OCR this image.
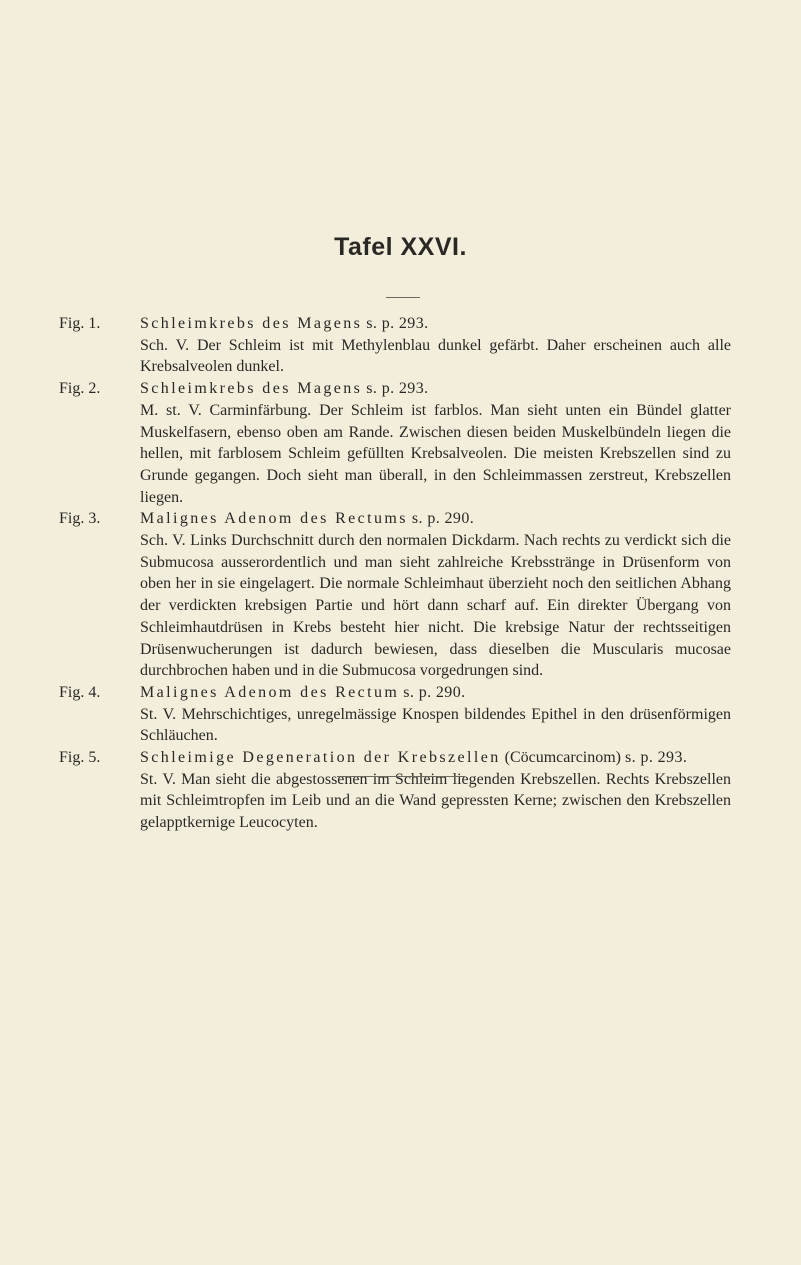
Tafel XXVI.
Fig. 1.	Schleimkrebs des Magens s. p. 293.
Sch. V. Der Schleim ist mit Methylenblau dunkel gefärbt. Daher erscheinen auch alle Krebsalveolen dunkel.
Fig. 2.	Schleimkrebs des Magens s. p. 293.
M. st. V. Carminfärbung. Der Schleim ist farblos. Man sieht unten ein Bündel glatter Muskelfasern, ebenso oben am Rande. Zwischen diesen beiden Muskelbündeln liegen die hellen, mit farblosem Schleim gefüllten Krebsalveolen. Die meisten Krebszellen sind zu Grunde gegangen. Doch sieht man überall, in den Schleimmassen zerstreut, Krebszellen liegen.
Fig. 3.	Malignes Adenom des Rectums s. p. 290.
Sch. V. Links Durchschnitt durch den normalen Dickdarm. Nach rechts zu verdickt sich die Submucosa ausserordentlich und man sieht zahlreiche Krebsstränge in Drüsenform von oben her in sie eingelagert. Die normale Schleimhaut überzieht noch den seitlichen Abhang der verdickten krebsigen Partie und hört dann scharf auf. Ein direkter Übergang von Schleimhautdrüsen in Krebs besteht hier nicht. Die krebsige Natur der rechtsseitigen Drüsenwucherungen ist dadurch bewiesen, dass dieselben die Muscularis mucosae durchbrochen haben und in die Submucosa vorgedrungen sind.
Fig. 4.	Malignes Adenom des Rectum s. p. 290.
St. V. Mehrschichtiges, unregelmässige Knospen bildendes Epithel in den drüsenförmigen Schläuchen.
Fig. 5.	Schleimige Degeneration der Krebszellen (Cöcumcarcinom) s. p. 293.
St. V. Man sieht die abgestossenen im Schleim liegenden Krebszellen. Rechts Krebszellen mit Schleimtropfen im Leib und an die Wand gepressten Kerne; zwischen den Krebszellen gelapptkernige Leucocyten.
